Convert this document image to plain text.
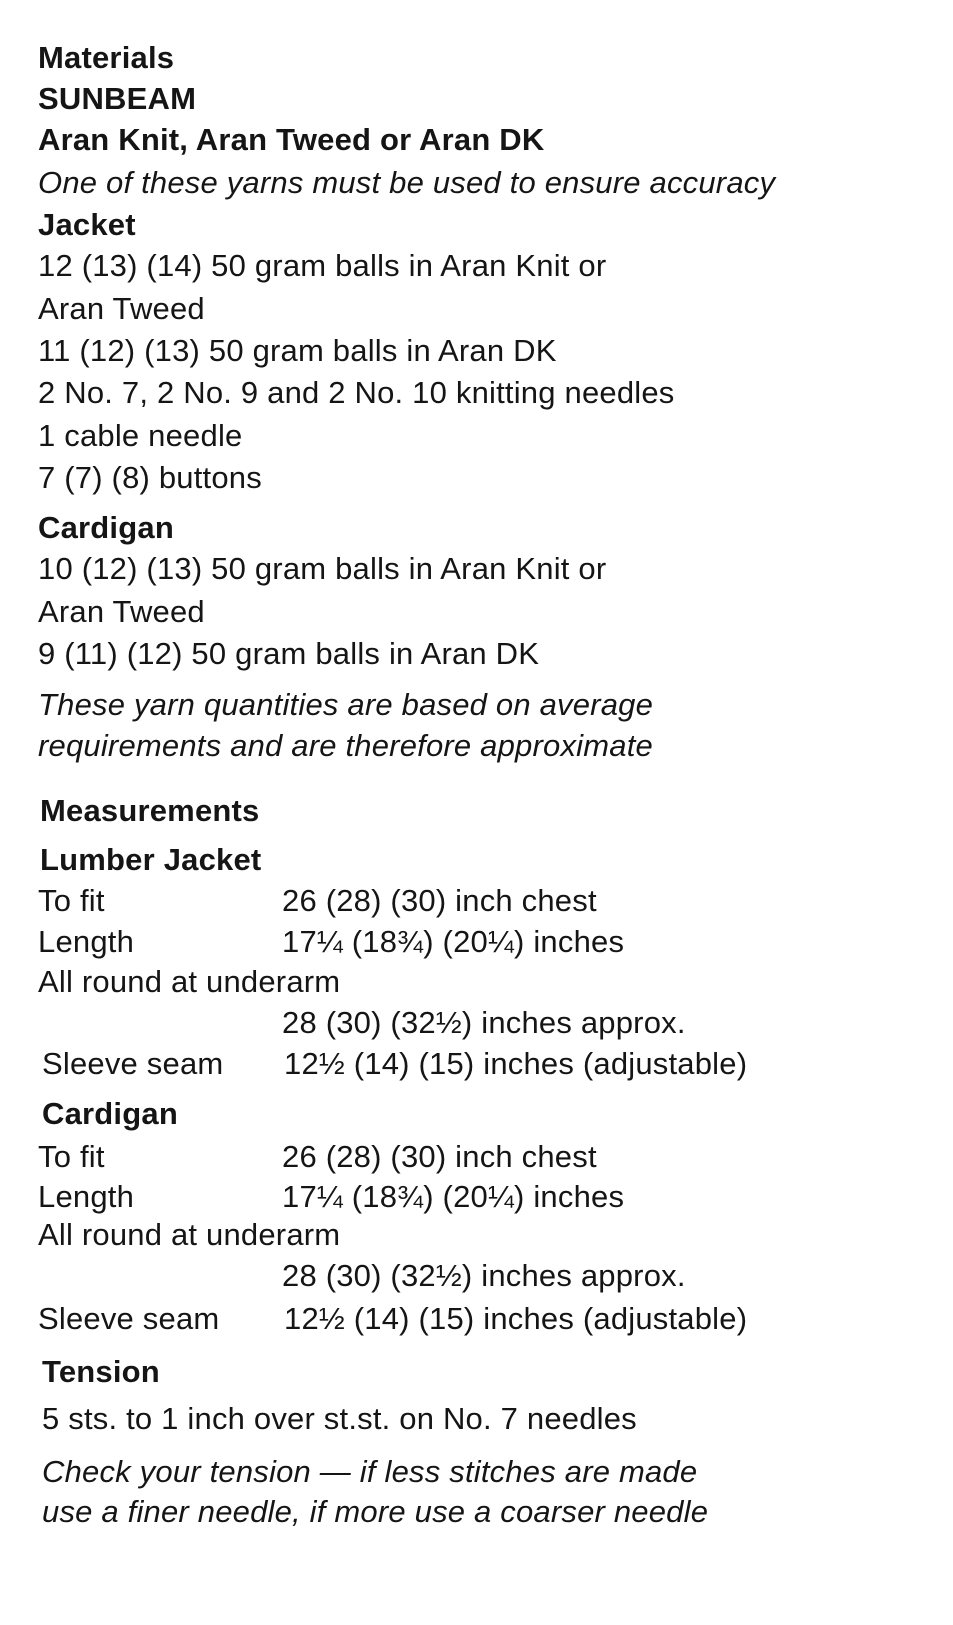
Materials
SUNBEAM
Aran Knit, Aran Tweed or Aran DK
One of these yarns must be used to ensure accuracy
Jacket
12 (13) (14) 50 gram balls in Aran Knit or
Aran Tweed
11 (12) (13) 50 gram balls in Aran DK
2 No. 7, 2 No. 9 and 2 No. 10 knitting needles
1 cable needle
7 (7) (8) buttons
Cardigan
10 (12) (13) 50 gram balls in Aran Knit or
Aran Tweed
9 (11) (12) 50 gram balls in Aran DK
These yarn quantities are based on average
requirements and are therefore approximate
Measurements
Lumber Jacket
To fit	26 (28) (30) inch chest
Length	17¼ (18¾) (20¼) inches
All round at underarm
28 (30) (32½) inches approx.
Sleeve seam 12½ (14) (15) inches (adjustable)
Cardigan
To fit	26 (28) (30) inch chest
Length	17¼ (18¾) (20¼) inches
All round at underarm
28 (30) (32½) inches approx.
Sleeve seam 12½ (14) (15) inches (adjustable)
Tension
5 sts. to 1 inch over st.st. on No. 7 needles
Check your tension — if less stitches are made
use a finer needle, if more use a coarser needle
